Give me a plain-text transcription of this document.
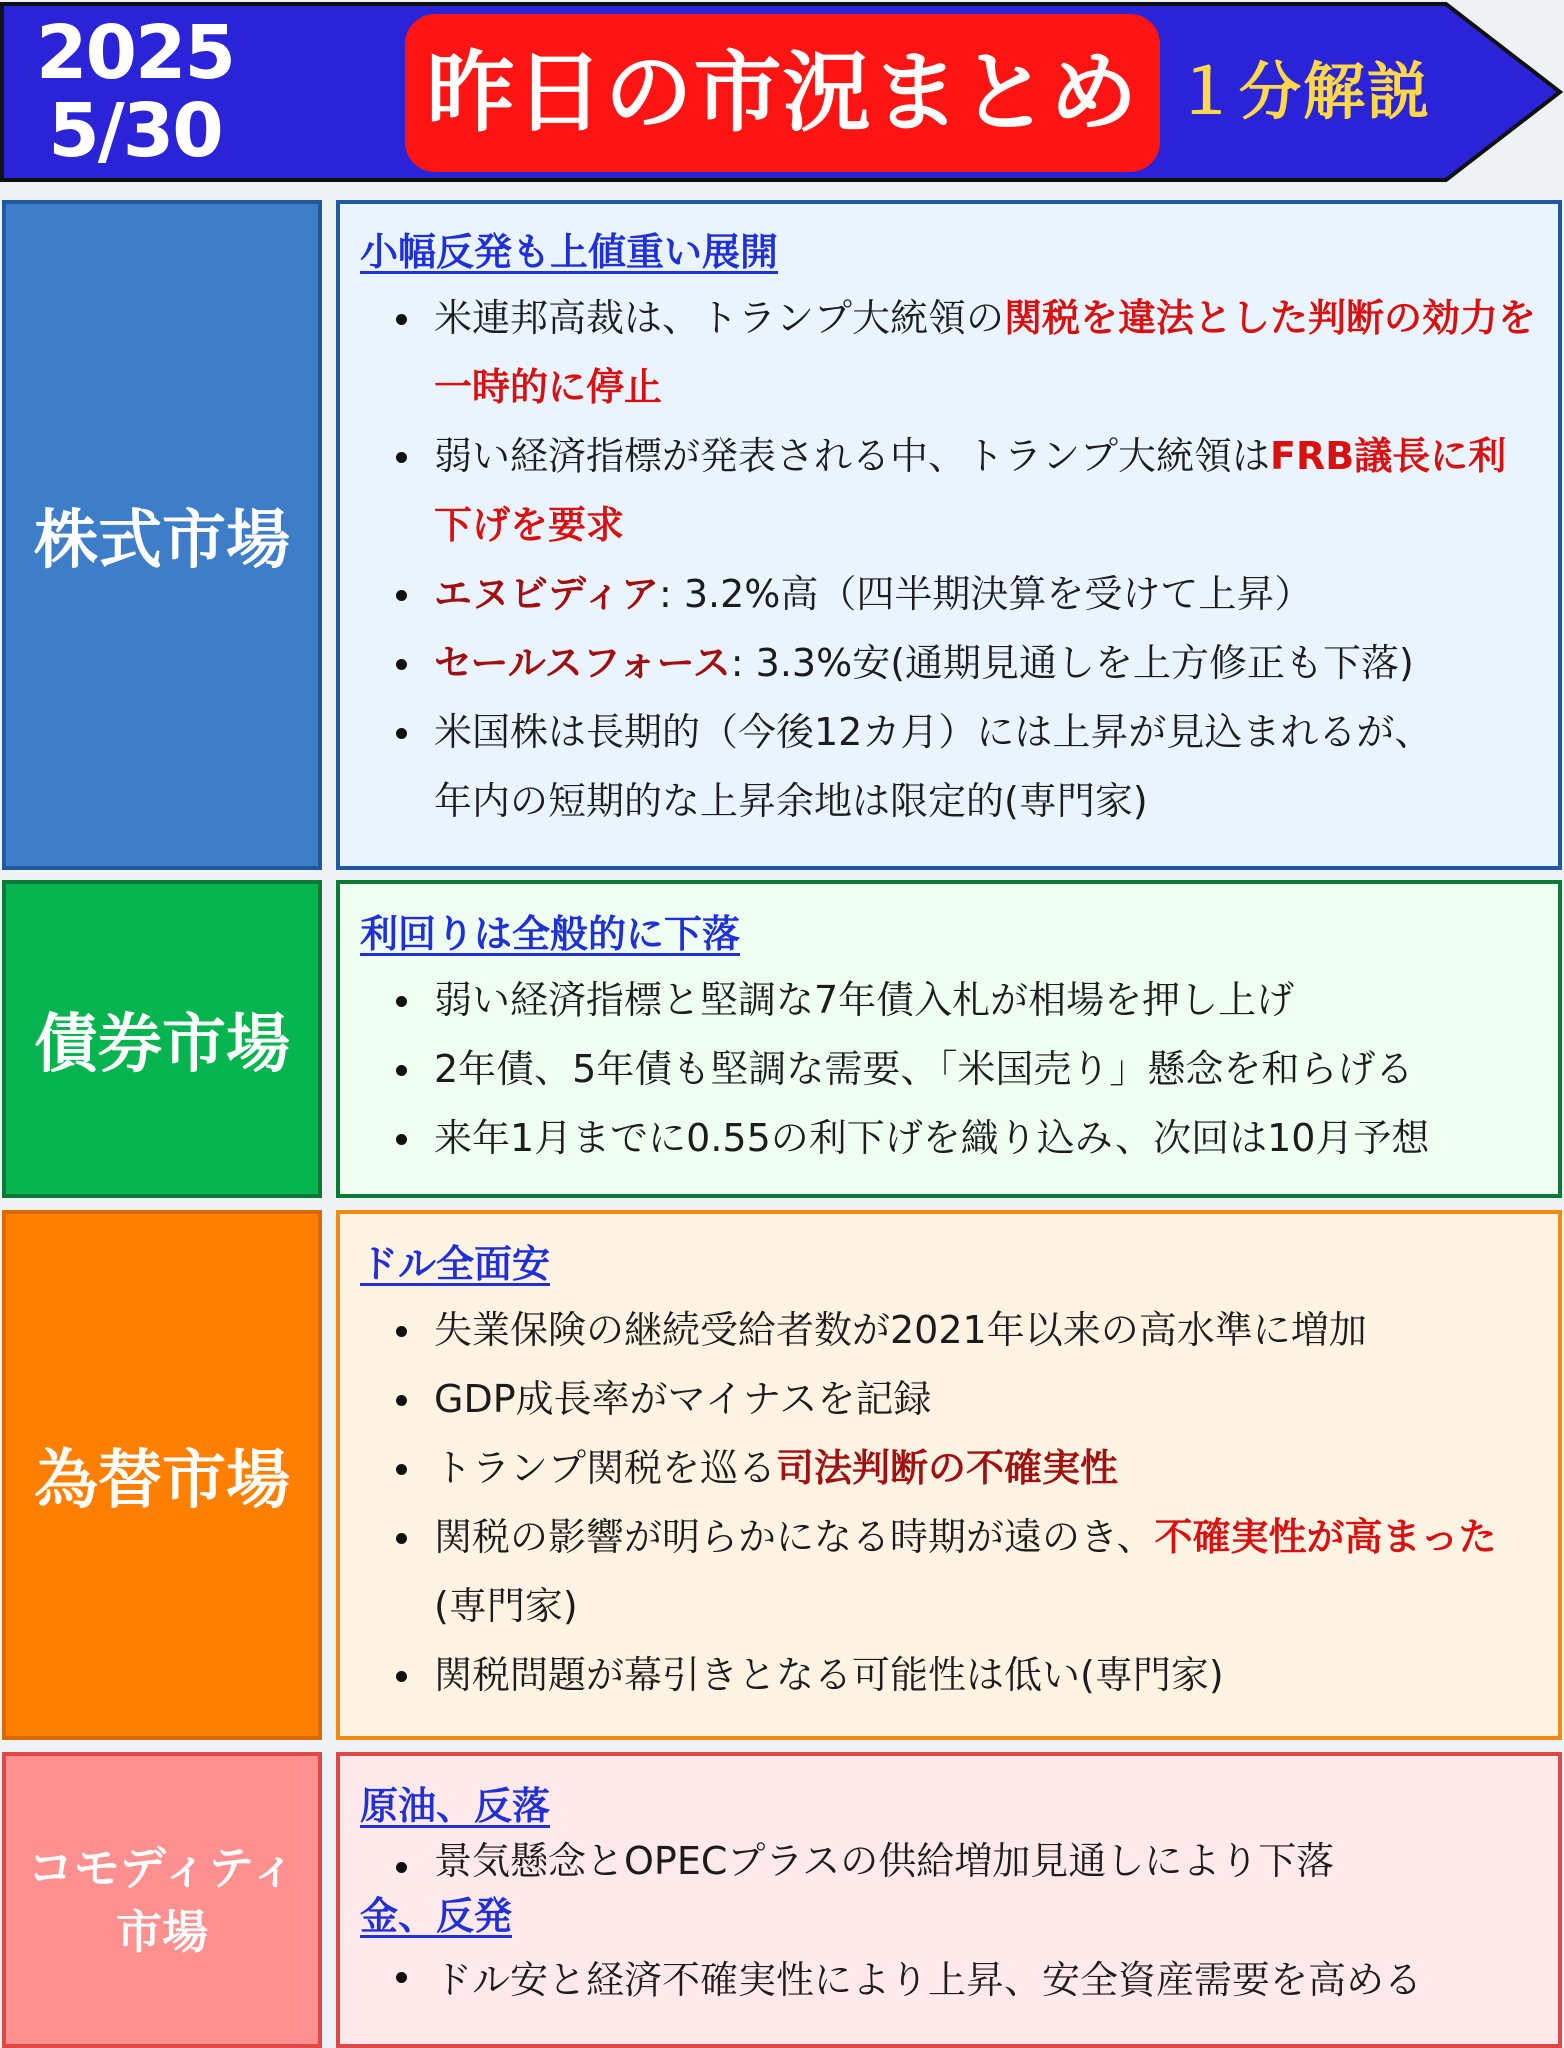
2025
5/30 昨日の市況まとめ １分解説
株式市場
小幅反発も上値重い展開
米連邦高裁は、トランプ大統領の関税を違法とした判断の効力を一時的に停止
弱い経済指標が発表される中、トランプ大統領はFRB議長に利下げを要求
エヌビディア: 3.2%高（四半期決算を受けて上昇）
セールスフォース: 3.3%安(通期見通しを上方修正も下落)
米国株は長期的（今後12カ月）には上昇が見込まれるが、年内の短期的な上昇余地は限定的(専門家)
債券市場
利回りは全般的に下落
弱い経済指標と堅調な7年債入札が相場を押し上げ
2年債、5年債も堅調な需要、「米国売り」懸念を和らげる
来年1月までに0.55の利下げを織り込み、次回は10月予想
為替市場
ドル全面安
失業保険の継続受給者数が2021年以来の高水準に増加
GDP成長率がマイナスを記録
トランプ関税を巡る司法判断の不確実性
関税の影響が明らかになる時期が遠のき、不確実性が高まった(専門家)
関税問題が幕引きとなる可能性は低い(専門家)
コモディティ市場
原油、反落
景気懸念とOPECプラスの供給増加見通しにより下落
金、反発
ドル安と経済不確実性により上昇、安全資産需要を高める
